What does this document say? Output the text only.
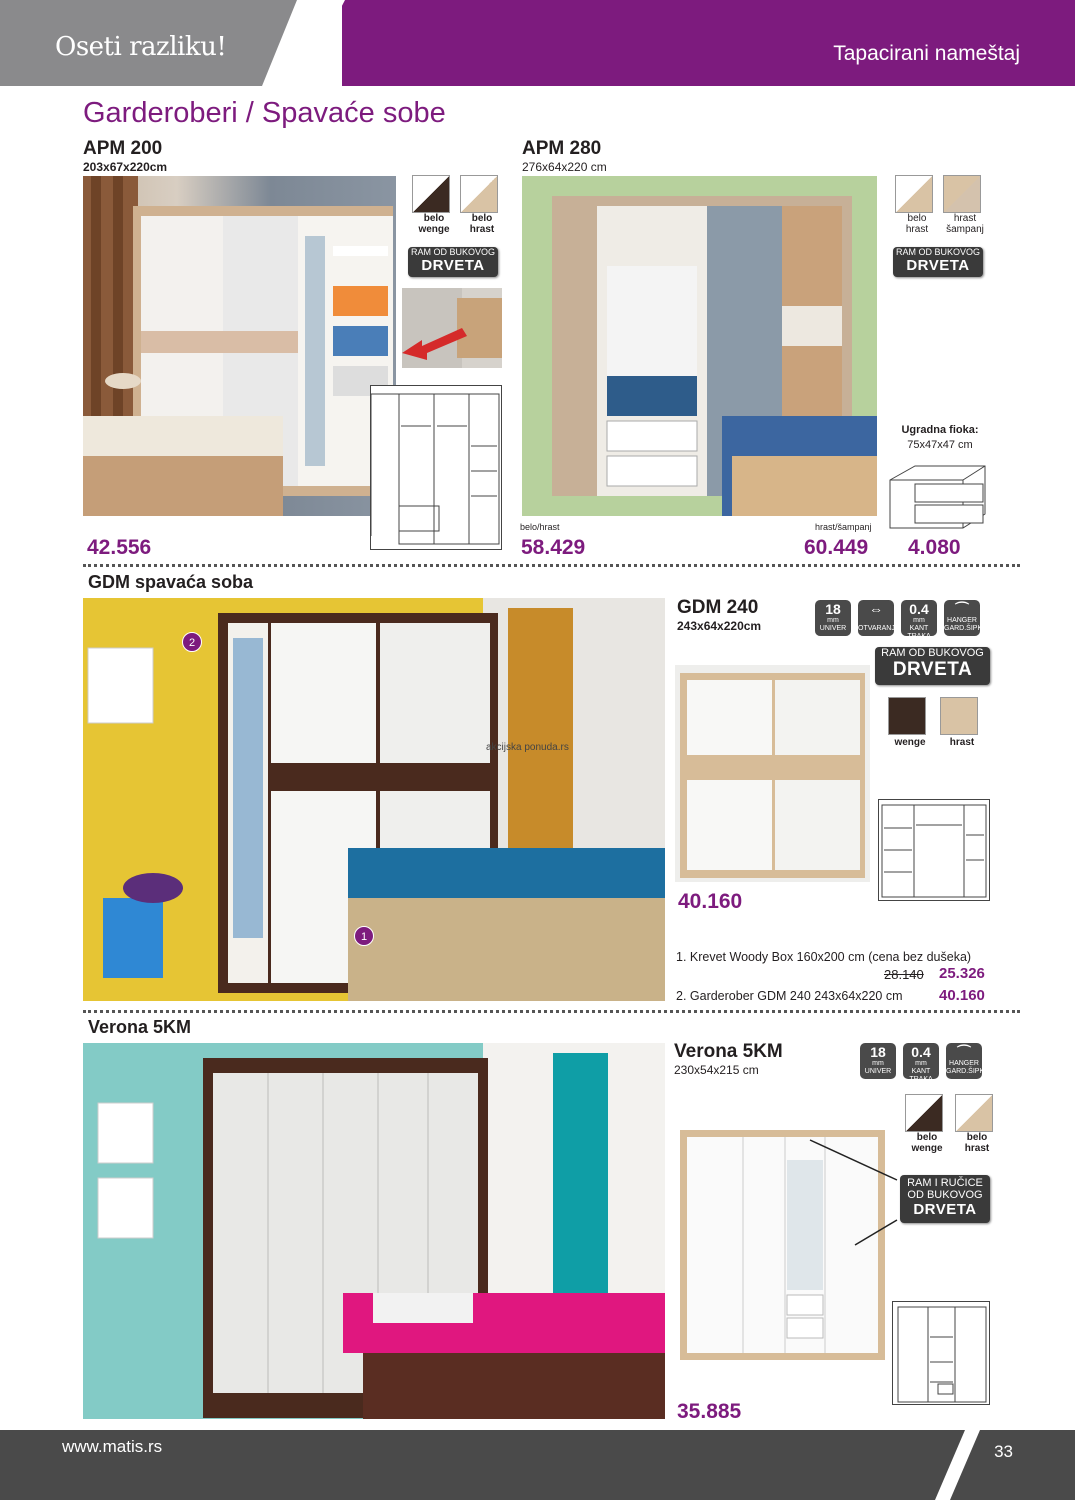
Oseti razliku!	Tapacirani nameštaj
Garderoberi / Spavaće sobe
APM 200
203x67x220cm
belo
wenge
belo
hrast
RAM OD BUKOVOG
DRVETA
42.556
APM 280
276x64x220 cm
belo
hrast
hrast
šampanj
RAM OD BUKOVOG
DRVETA
Ugradna fioka:
75x47x47 cm
belo/hrast	hrast/šampanj
58.429	60.449 4.080
GDM spavaća soba
2
1
akcijska ponuda.rs
GDM 240
243x64x220cm
18
mm
UNIVER
⇔

OTVARANJE
0.4
mm
KANT TRAKA
⌒
HANGER
GARD.ŠIPKA
RAM OD BUKOVOG
DRVETA
wenge	hrast
40.160
1. Krevet Woody Box 160x200 cm (cena bez dušeka)
28.140 25.326
2. Garderober GDM 240 243x64x220 cm 40.160
Verona 5KM
Verona 5KM
230x54x215 cm
18
mm
UNIVER
0.4
mm
KANT TRAKA
⌒
HANGER
GARD.ŠIPKA
belo
wenge
belo
hrast
RAM I RUČICE
OD BUKOVOG
DRVETA
35.885
www.matis.rs	33
